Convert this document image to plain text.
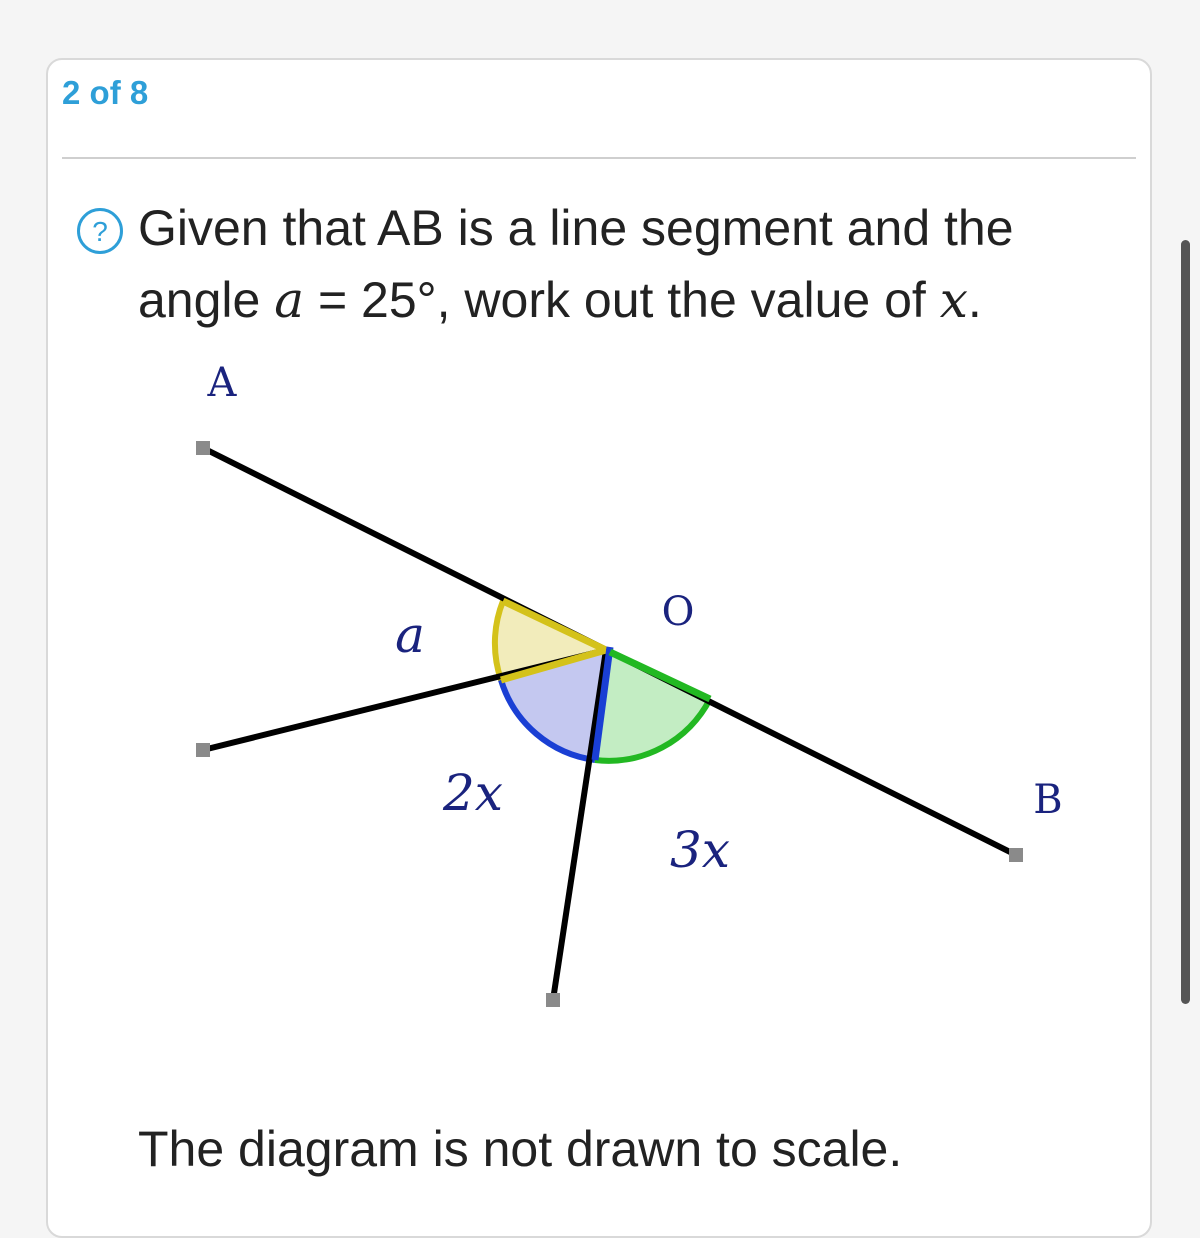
2 of 8
? Given that AB is a line segment and the angle a = 25°, work out the value of x.
A
B
O
a
2x
3x
The diagram is not drawn to scale.
